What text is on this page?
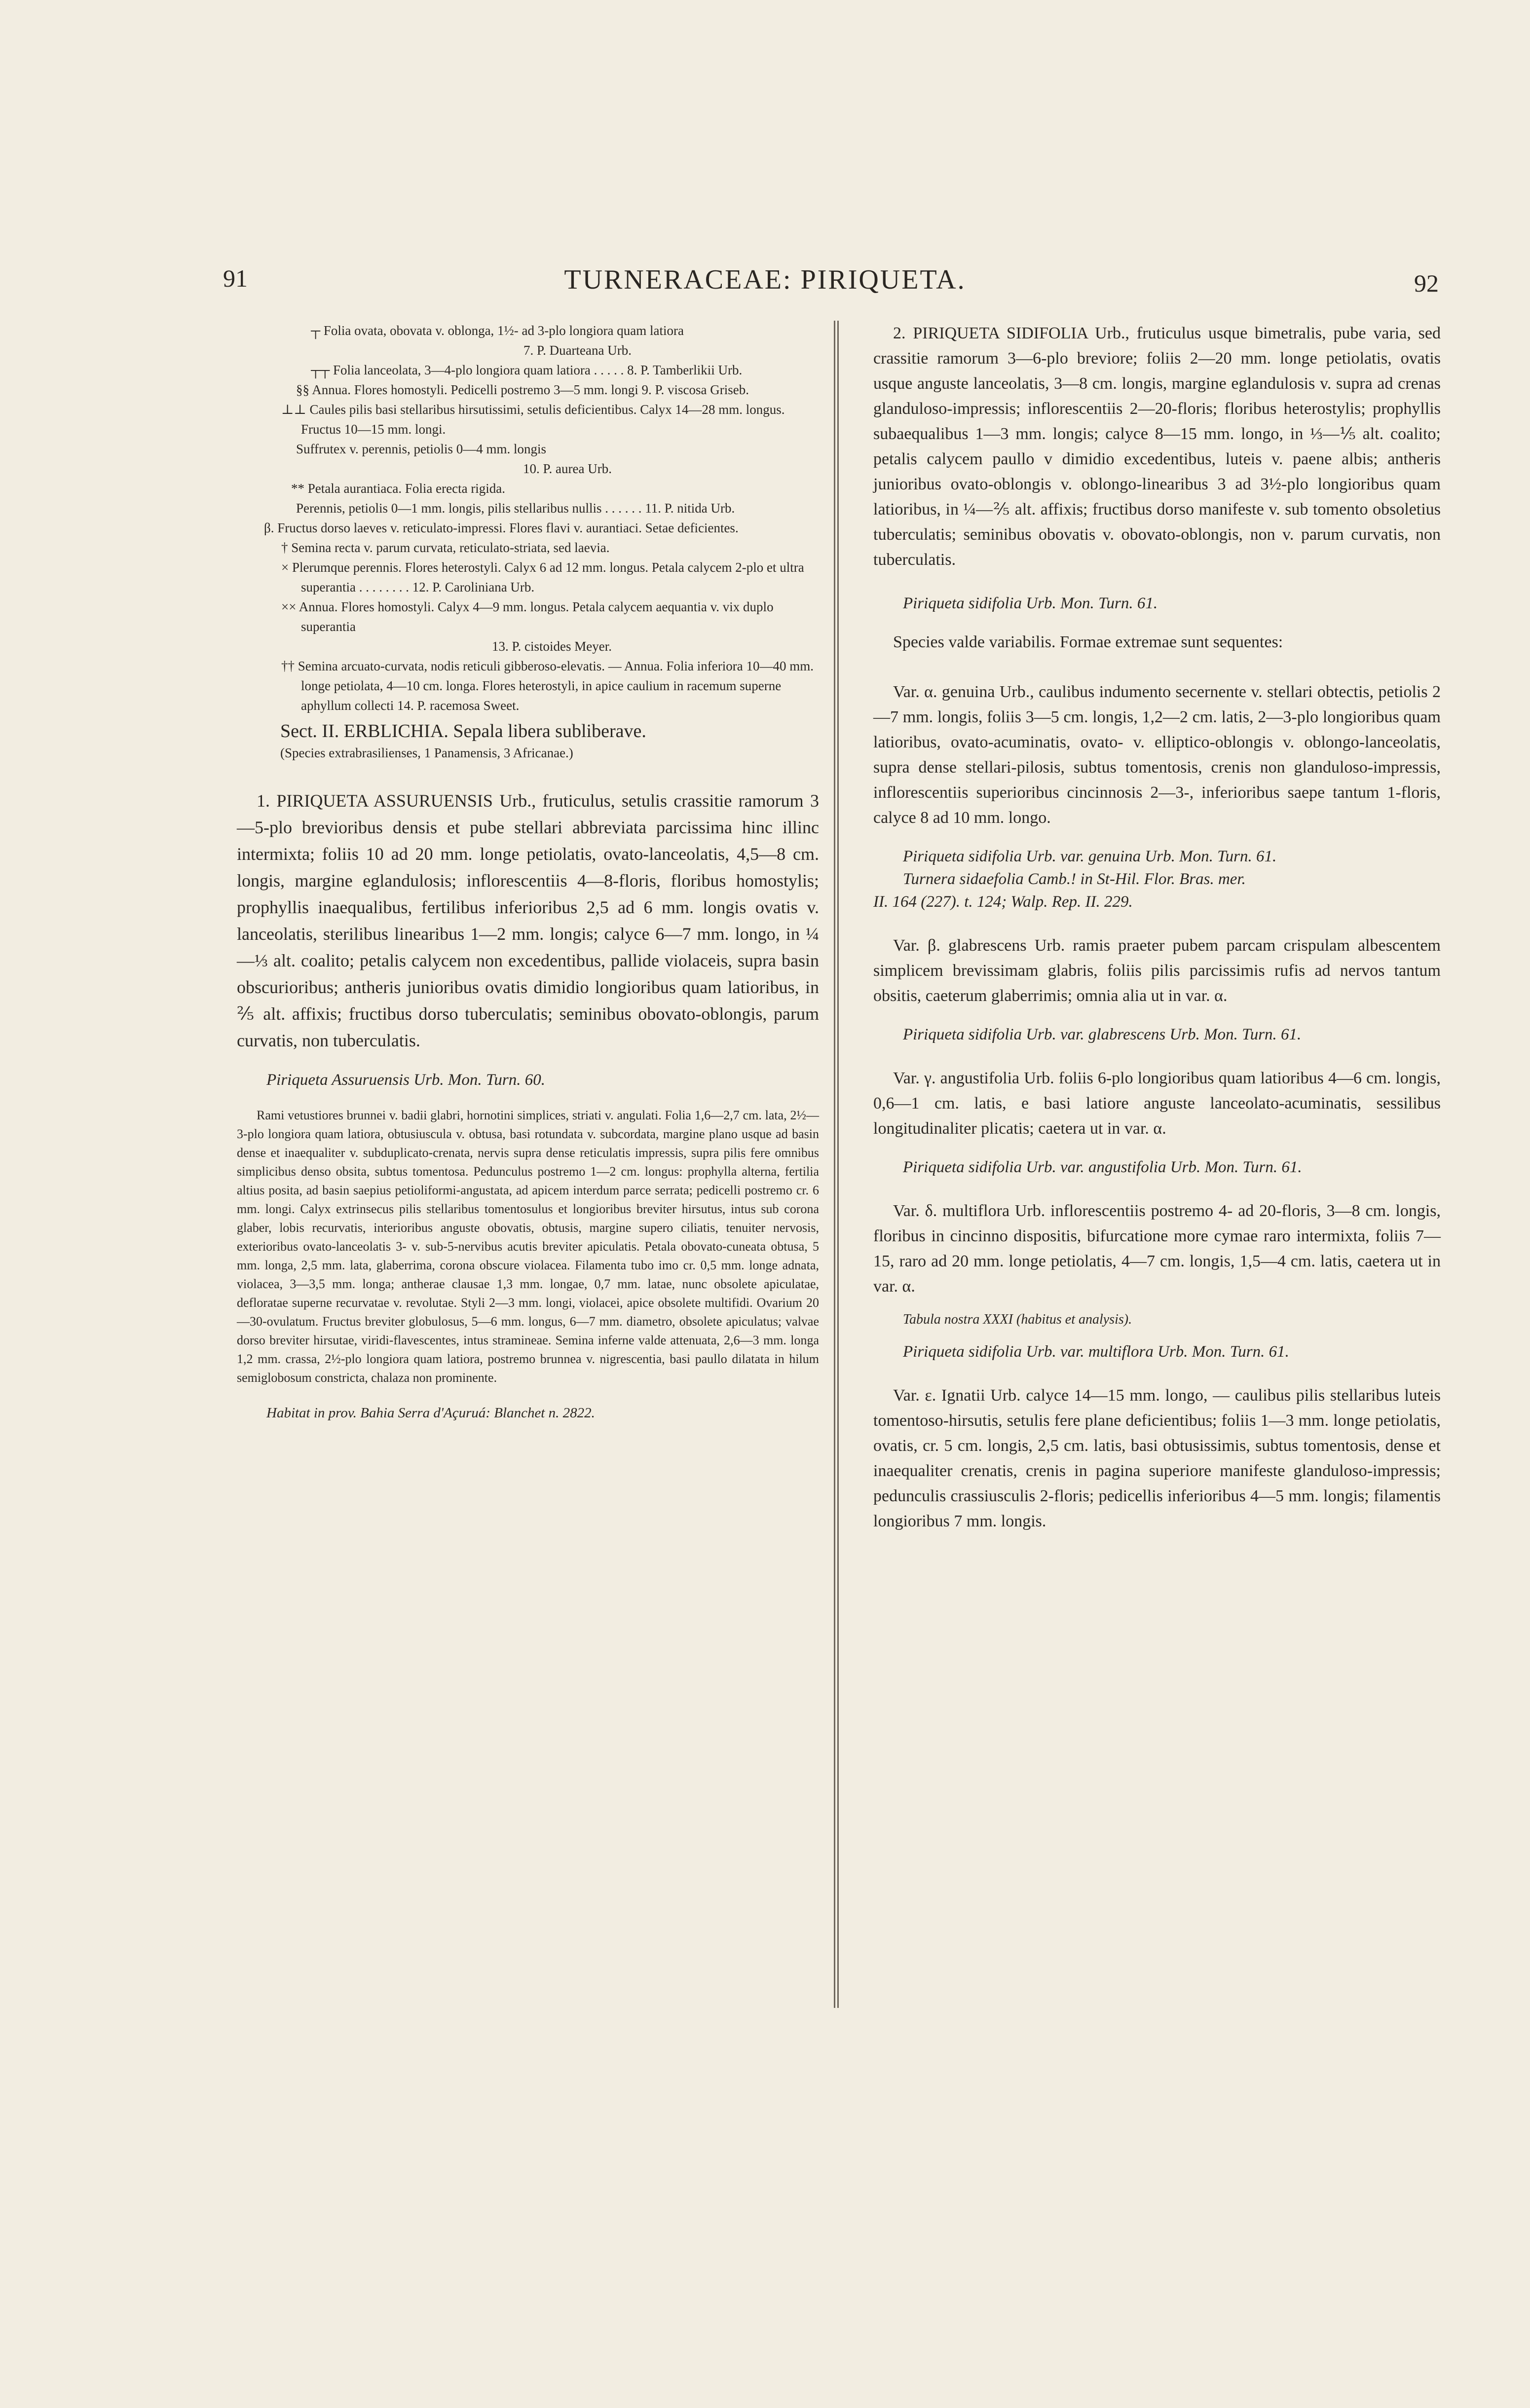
91	TURNERACEAE: PIRIQUETA.	92

┬ Folia ovata, obovata v. oblonga, 1½- ad 3-plo longiora quam latiora

7. P. Duarteana Urb.

┬┬ Folia lanceolata, 3—4-plo longiora quam latiora . . . . . 8. P. Tamberlikii Urb.

§§ Annua. Flores homostyli. Pedicelli postremo 3—5 mm. longi 9. P. viscosa Griseb.

⊥⊥ Caules pilis basi stellaribus hirsutissimi, setulis deficientibus. Calyx 14—28 mm. longus. Fructus 10—15 mm. longi.

Suffrutex v. perennis, petiolis 0—4 mm. longis

10. P. aurea Urb.

** Petala aurantiaca. Folia erecta rigida.

Perennis, petiolis 0—1 mm. longis, pilis stellaribus nullis . . . . . . 11. P. nitida Urb.

β. Fructus dorso laeves v. reticulato-impressi. Flores flavi v. aurantiaci. Setae deficientes.

† Semina recta v. parum curvata, reticulato-striata, sed laevia.

× Plerumque perennis. Flores heterostyli. Calyx 6 ad 12 mm. longus. Petala calycem 2-plo et ultra superantia . . . . . . . . 12. P. Caroliniana Urb.

×× Annua. Flores homostyli. Calyx 4—9 mm. longus. Petala calycem aequantia v. vix duplo superantia

13. P. cistoides Meyer.

†† Semina arcuato-curvata, nodis reticuli gibberoso-elevatis. — Annua. Folia inferiora 10—40 mm. longe petiolata, 4—10 cm. longa. Flores heterostyli, in apice caulium in racemum superne aphyllum collecti 14. P. racemosa Sweet.

Sect. II. ERBLICHIA. Sepala libera subliberave.

(Species extrabrasilienses, 1 Panamensis, 3 Africanae.)

1. PIRIQUETA ASSURUENSIS Urb., fruticulus, setulis crassitie ramorum 3—5-plo brevioribus densis et pube stellari abbreviata parcissima hinc illinc intermixta; foliis 10 ad 20 mm. longe petiolatis, ovato-lanceolatis, 4,5—8 cm. longis, margine eglandulosis; inflorescentiis 4—8-floris, floribus homostylis; prophyllis inaequalibus, fertilibus inferioribus 2,5 ad 6 mm. longis ovatis v. lanceolatis, sterilibus linearibus 1—2 mm. longis; calyce 6—7 mm. longo, in ¼—⅓ alt. coalito; petalis calycem non excedentibus, pallide violaceis, supra basin obscurioribus; antheris junioribus ovatis dimidio longioribus quam latioribus, in ⅖ alt. affixis; fructibus dorso tuberculatis; seminibus obovato-oblongis, parum curvatis, non tuberculatis.

Piriqueta Assuruensis Urb. Mon. Turn. 60.

Rami vetustiores brunnei v. badii glabri, hornotini simplices, striati v. angulati. Folia 1,6—2,7 cm. lata, 2½—3-plo longiora quam latiora, obtusiuscula v. obtusa, basi rotundata v. subcordata, margine plano usque ad basin dense et inaequaliter v. subduplicato-crenata, nervis supra dense reticulatis impressis, supra pilis fere omnibus simplicibus denso obsita, subtus tomentosa. Pedunculus postremo 1—2 cm. longus: prophylla alterna, fertilia altius posita, ad basin saepius petioliformi-angustata, ad apicem interdum parce serrata; pedicelli postremo cr. 6 mm. longi. Calyx extrinsecus pilis stellaribus tomentosulus et longioribus breviter hirsutus, intus sub corona glaber, lobis recurvatis, interioribus anguste obovatis, obtusis, margine supero ciliatis, tenuiter nervosis, exterioribus ovato-lanceolatis 3- v. sub-5-nervibus acutis breviter apiculatis. Petala obovato-cuneata obtusa, 5 mm. longa, 2,5 mm. lata, glaberrima, corona obscure violacea. Filamenta tubo imo cr. 0,5 mm. longe adnata, violacea, 3—3,5 mm. longa; antherae clausae 1,3 mm. longae, 0,7 mm. latae, nunc obsolete apiculatae, defloratae superne recurvatae v. revolutae. Styli 2—3 mm. longi, violacei, apice obsolete multifidi. Ovarium 20—30-ovulatum. Fructus breviter globulosus, 5—6 mm. longus, 6—7 mm. diametro, obsolete apiculatus; valvae dorso breviter hirsutae, viridi-flavescentes, intus stramineae. Semina inferne valde attenuata, 2,6—3 mm. longa 1,2 mm. crassa, 2½-plo longiora quam latiora, postremo brunnea v. nigrescentia, basi paullo dilatata in hilum semiglobosum constricta, chalaza non prominente.

Habitat in prov. Bahia Serra d'Açuruá: Blanchet n. 2822.

2. PIRIQUETA SIDIFOLIA Urb., fruticulus usque bimetralis, pube varia, sed crassitie ramorum 3—6-plo breviore; foliis 2—20 mm. longe petiolatis, ovatis usque anguste lanceolatis, 3—8 cm. longis, margine eglandulosis v. supra ad crenas glanduloso-impressis; inflorescentiis 2—20-floris; floribus heterostylis; prophyllis subaequalibus 1—3 mm. longis; calyce 8—15 mm. longo, in ⅓—⅕ alt. coalito; petalis calycem paullo v dimidio excedentibus, luteis v. paene albis; antheris junioribus ovato-oblongis v. oblongo-linearibus 3 ad 3½-plo longioribus quam latioribus, in ¼—⅖ alt. affixis; fructibus dorso manifeste v. sub tomento obsoletius tuberculatis; seminibus obovatis v. obovato-oblongis, non v. parum curvatis, non tuberculatis.

Piriqueta sidifolia Urb. Mon. Turn. 61.

Species valde variabilis. Formae extremae sunt sequentes:

Var. α. genuina Urb., caulibus indumento secernente v. stellari obtectis, petiolis 2—7 mm. longis, foliis 3—5 cm. longis, 1,2—2 cm. latis, 2—3-plo longioribus quam latioribus, ovato-acuminatis, ovato- v. elliptico-oblongis v. oblongo-lanceolatis, supra dense stellari-pilosis, subtus tomentosis, crenis non glanduloso-impressis, inflorescentiis superioribus cincinnosis 2—3-, inferioribus saepe tantum 1-floris, calyce 8 ad 10 mm. longo.

Piriqueta sidifolia Urb. var. genuina Urb. Mon. Turn. 61.

Turnera sidaefolia Camb.! in St-Hil. Flor. Bras. mer.

II. 164 (227). t. 124; Walp. Rep. II. 229.

Var. β. glabrescens Urb. ramis praeter pubem parcam crispulam albescentem simplicem brevissimam glabris, foliis pilis parcissimis rufis ad nervos tantum obsitis, caeterum glaberrimis; omnia alia ut in var. α.

Piriqueta sidifolia Urb. var. glabrescens Urb. Mon. Turn. 61.

Var. γ. angustifolia Urb. foliis 6-plo longioribus quam latioribus 4—6 cm. longis, 0,6—1 cm. latis, e basi latiore anguste lanceolato-acuminatis, sessilibus longitudinaliter plicatis; caetera ut in var. α.

Piriqueta sidifolia Urb. var. angustifolia Urb. Mon. Turn. 61.

Var. δ. multiflora Urb. inflorescentiis postremo 4- ad 20-floris, 3—8 cm. longis, floribus in cincinno dispositis, bifurcatione more cymae raro intermixta, foliis 7—15, raro ad 20 mm. longe petiolatis, 4—7 cm. longis, 1,5—4 cm. latis, caetera ut in var. α.

Tabula nostra XXXI (habitus et analysis).

Piriqueta sidifolia Urb. var. multiflora Urb. Mon. Turn. 61.

Var. ε. Ignatii Urb. calyce 14—15 mm. longo, — caulibus pilis stellaribus luteis tomentoso-hirsutis, setulis fere plane deficientibus; foliis 1—3 mm. longe petiolatis, ovatis, cr. 5 cm. longis, 2,5 cm. latis, basi obtusissimis, subtus tomentosis, dense et inaequaliter crenatis, crenis in pagina superiore manifeste glanduloso-impressis; pedunculis crassiusculis 2-floris; pedicellis inferioribus 4—5 mm. longis; filamentis longioribus 7 mm. longis.
